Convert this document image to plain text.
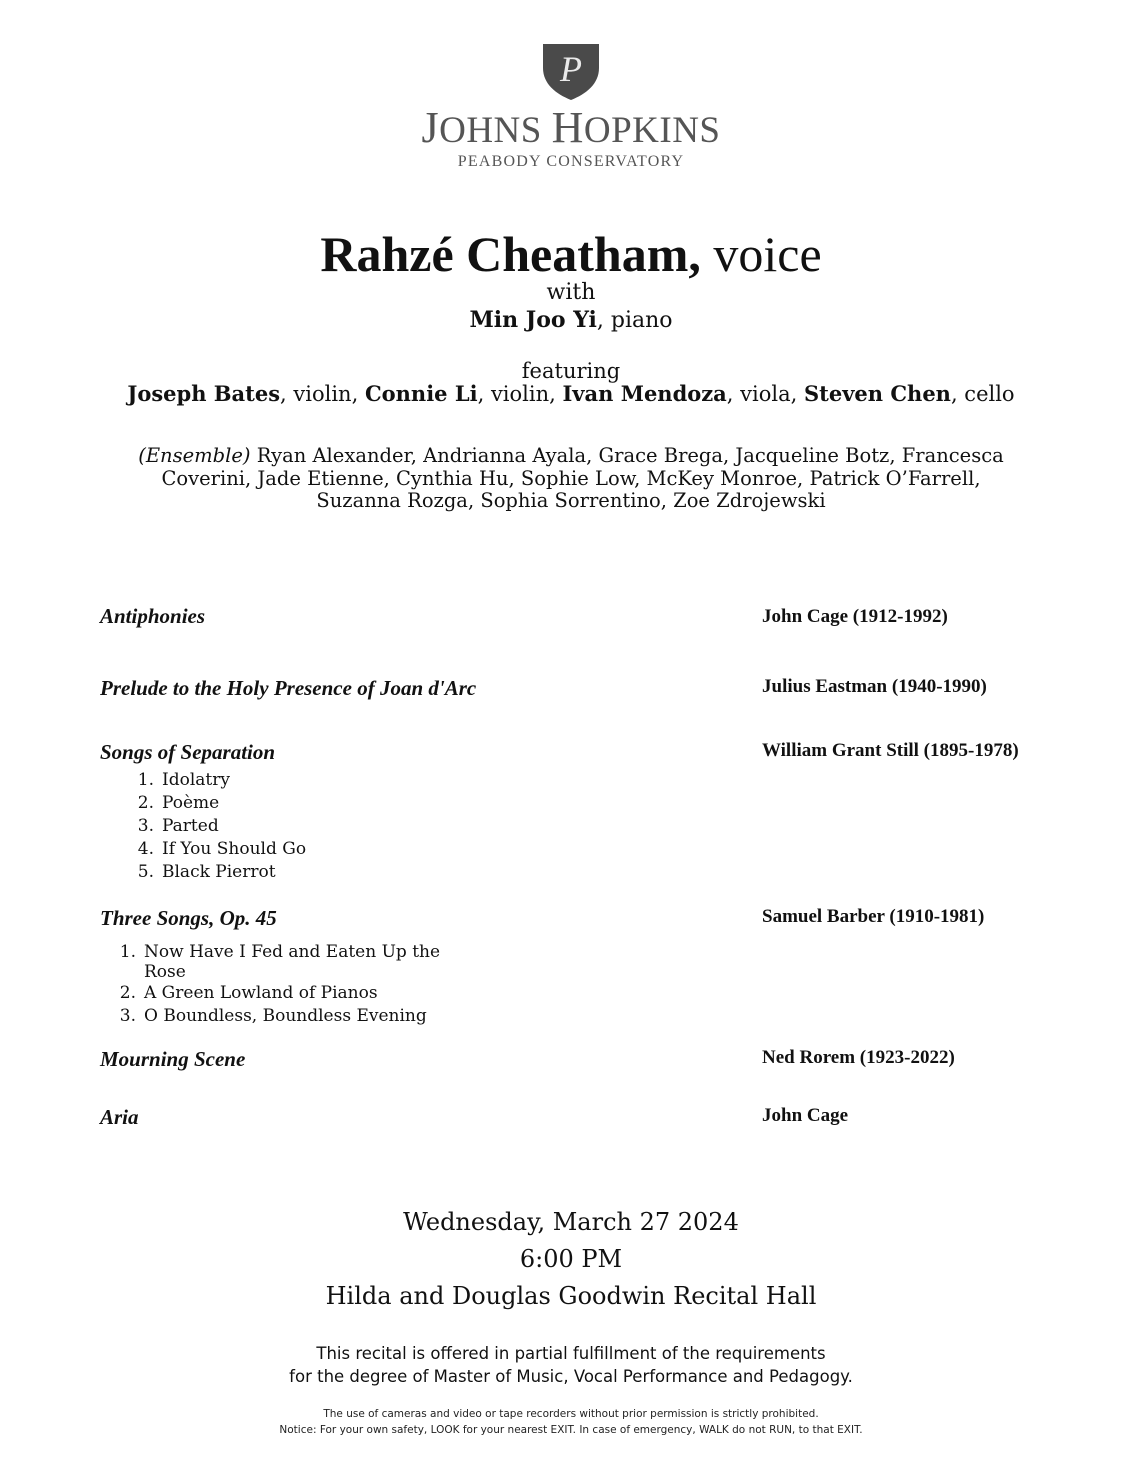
P
JOHNS HOPKINS
PEABODY CONSERVATORY
Rahzé Cheatham, voice
with
Min Joo Yi, piano
featuring
Joseph Bates, violin, Connie Li, violin, Ivan Mendoza, viola, Steven Chen, cello
(Ensemble) Ryan Alexander, Andrianna Ayala, Grace Brega, Jacqueline Botz, Francesca Coverini, Jade Etienne, Cynthia Hu, Sophie Low, McKey Monroe, Patrick O’Farrell, Suzanna Rozga, Sophia Sorrentino, Zoe Zdrojewski
Antiphonies	John Cage (1912-1992)
Prelude to the Holy Presence of Joan d'Arc	Julius Eastman (1940-1990)
Songs of Separation	William Grant Still (1895-1978)
1. Idolatry
2. Poème
3. Parted
4. If You Should Go
5. Black Pierrot
Three Songs, Op. 45	Samuel Barber (1910-1981)
1. Now Have I Fed and Eaten Up the
Rose
2. A Green Lowland of Pianos
3. O Boundless, Boundless Evening
Mourning Scene	Ned Rorem (1923-2022)
Aria	John Cage
Wednesday, March 27 2024
6:00 PM
Hilda and Douglas Goodwin Recital Hall
This recital is offered in partial fulfillment of the requirements
for the degree of Master of Music, Vocal Performance and Pedagogy.
The use of cameras and video or tape recorders without prior permission is strictly prohibited.
Notice: For your own safety, LOOK for your nearest EXIT. In case of emergency, WALK do not RUN, to that EXIT.
